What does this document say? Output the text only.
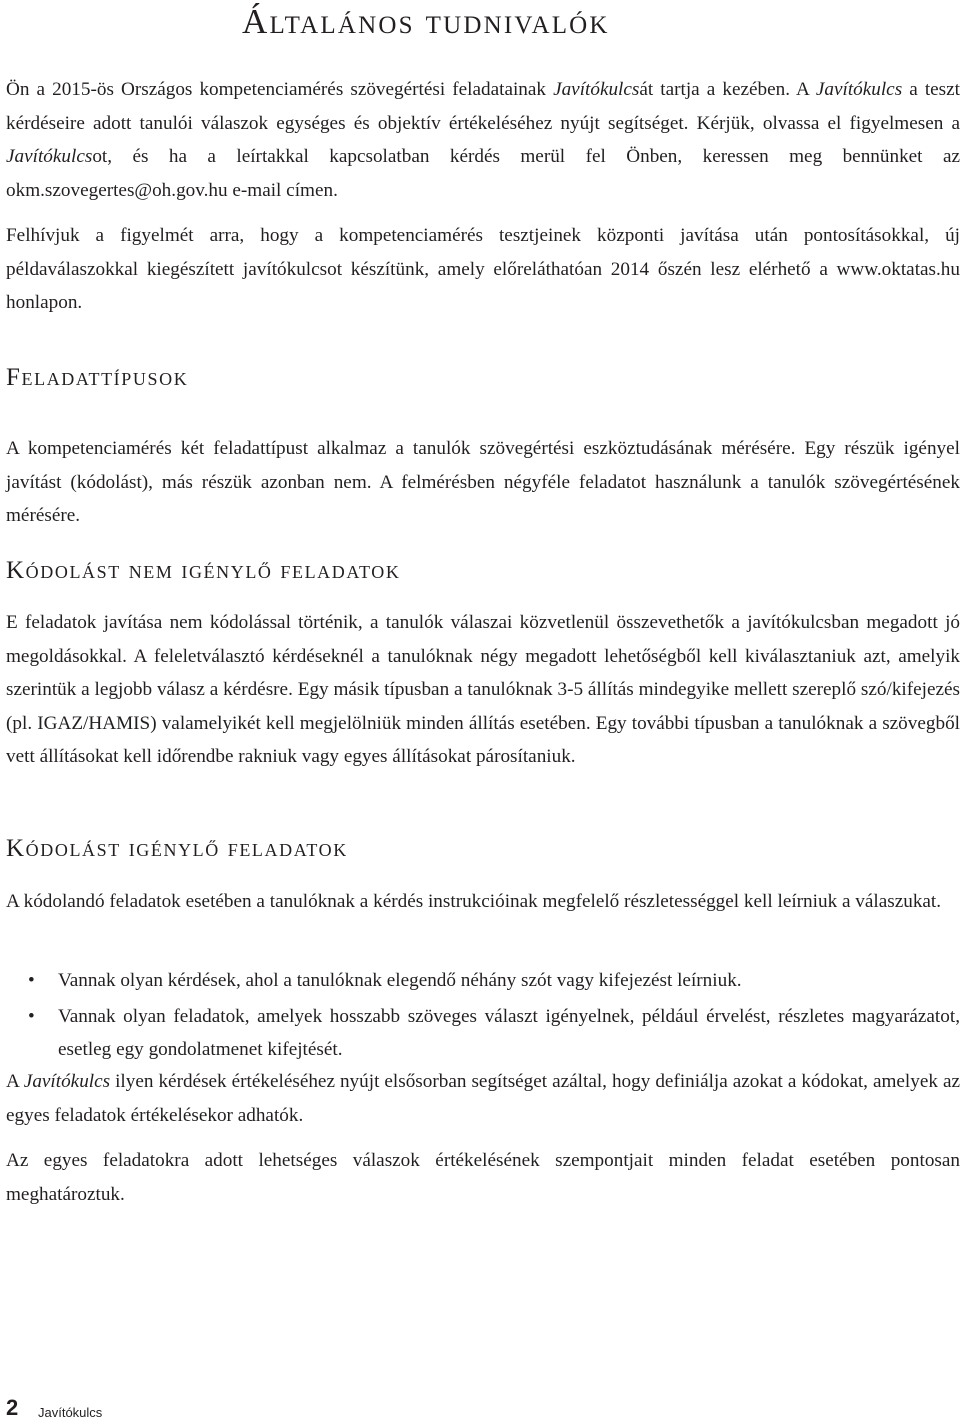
Általános tudnivalók

Ön a 2015-ös Országos kompetenciamérés szövegértési feladatainak Javítókulcsát tartja a kezében. A Javítókulcs a teszt kérdéseire adott tanulói válaszok egységes és objektív értékeléséhez nyújt segítséget. Kérjük, olvassa el figyelmesen a Javítókulcsot, és ha a leírtakkal kapcsolatban kérdés merül fel Önben, keressen meg bennünket az okm.szovegertes@oh.gov.hu e-mail címen.

Felhívjuk a figyelmét arra, hogy a kompetenciamérés tesztjeinek központi javítása után pontosításokkal, új példaválaszokkal kiegészített javítókulcsot készítünk, amely előreláthatóan 2014 őszén lesz elérhető a www.oktatas.hu honlapon.

Feladattípusok

A kompetenciamérés két feladattípust alkalmaz a tanulók szövegértési eszköztudásának mérésére. Egy részük igényel javítást (kódolást), más részük azonban nem. A felmérésben négyféle feladatot használunk a tanulók szövegértésének mérésére.

Kódolást nem igénylő feladatok

E feladatok javítása nem kódolással történik, a tanulók válaszai közvetlenül összevethetők a javítókulcsban megadott jó megoldásokkal. A feleletválasztó kérdéseknél a tanulóknak négy megadott lehetőségből kell kiválasztaniuk azt, amelyik szerintük a legjobb válasz a kérdésre. Egy másik típusban a tanulóknak 3-5 állítás mindegyike mellett szereplő szó/kifejezés (pl. IGAZ/HAMIS) valamelyikét kell megjelölniük minden állítás esetében. Egy további típusban a tanulóknak a szövegből vett állításokat kell időrendbe rakniuk vagy egyes állításokat párosítaniuk.

Kódolást igénylő feladatok

A kódolandó feladatok esetében a tanulóknak a kérdés instrukcióinak megfelelő részletességgel kell leírniuk a válaszukat.

• Vannak olyan kérdések, ahol a tanulóknak elegendő néhány szót vagy kifejezést leírniuk.
• Vannak olyan feladatok, amelyek hosszabb szöveges választ igényelnek, például érvelést, részletes magyarázatot, esetleg egy gondolatmenet kifejtését.

A Javítókulcs ilyen kérdések értékeléséhez nyújt elsősorban segítséget azáltal, hogy definiálja azokat a kódokat, amelyek az egyes feladatok értékelésekor adhatók.

Az egyes feladatokra adott lehetséges válaszok értékelésének szempontjait minden feladat esetében pontosan meghatároztuk.

2 Javítókulcs
